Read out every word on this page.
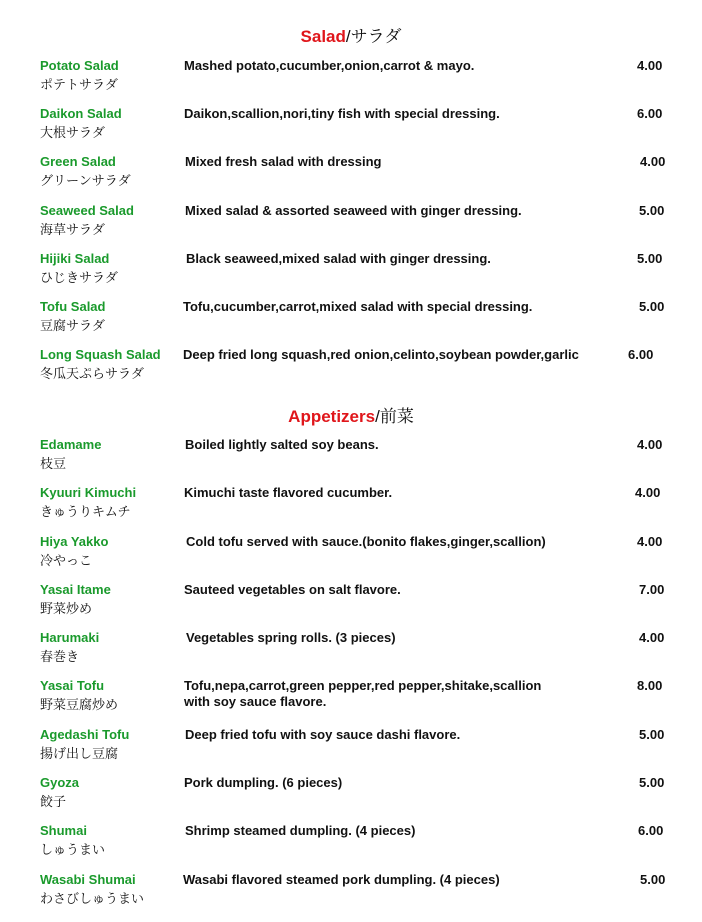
Salad/サラダ
Potato Salad
ポテトサラダ
Mashed potato,cucumber,onion,carrot & mayo.	4.00
Daikon Salad
大根サラダ
Daikon,scallion,nori,tiny fish with special dressing.	6.00
Green Salad
グリーンサラダ
Mixed fresh salad with dressing	4.00
Seaweed Salad
海草サラダ
Mixed salad & assorted seaweed with ginger dressing.	5.00
Hijiki Salad
ひじきサラダ
Black seaweed,mixed salad with ginger dressing.	5.00
Tofu Salad
豆腐サラダ
Tofu,cucumber,carrot,mixed salad with special dressing.	5.00
Long Squash Salad
冬瓜天ぷらサラダ
Deep fried long squash,red onion,celinto,soybean powder,garlic	6.00
Appetizers/前菜
Edamame
枝豆
Boiled lightly salted soy beans.	4.00
Kyuuri Kimuchi
きゅうりキムチ
Kimuchi taste flavored cucumber.	4.00
Hiya Yakko
冷やっこ
Cold tofu served with sauce.(bonito flakes,ginger,scallion)	4.00
Yasai Itame
野菜炒め
Sauteed vegetables on salt flavore.	7.00
Harumaki
春巻き
Vegetables spring rolls. (3 pieces)	4.00
Yasai Tofu
野菜豆腐炒め
Tofu,nepa,carrot,green pepper,red pepper,shitake,scallion
with soy sauce flavore.
8.00
Agedashi Tofu
揚げ出し豆腐
Deep fried tofu with soy sauce dashi flavore.	5.00
Gyoza
餃子
Pork dumpling. (6 pieces)	5.00
Shumai
しゅうまい
Shrimp steamed dumpling. (4 pieces)	6.00
Wasabi Shumai
わさびしゅうまい
Wasabi flavored steamed pork dumpling. (4 pieces)	5.00
